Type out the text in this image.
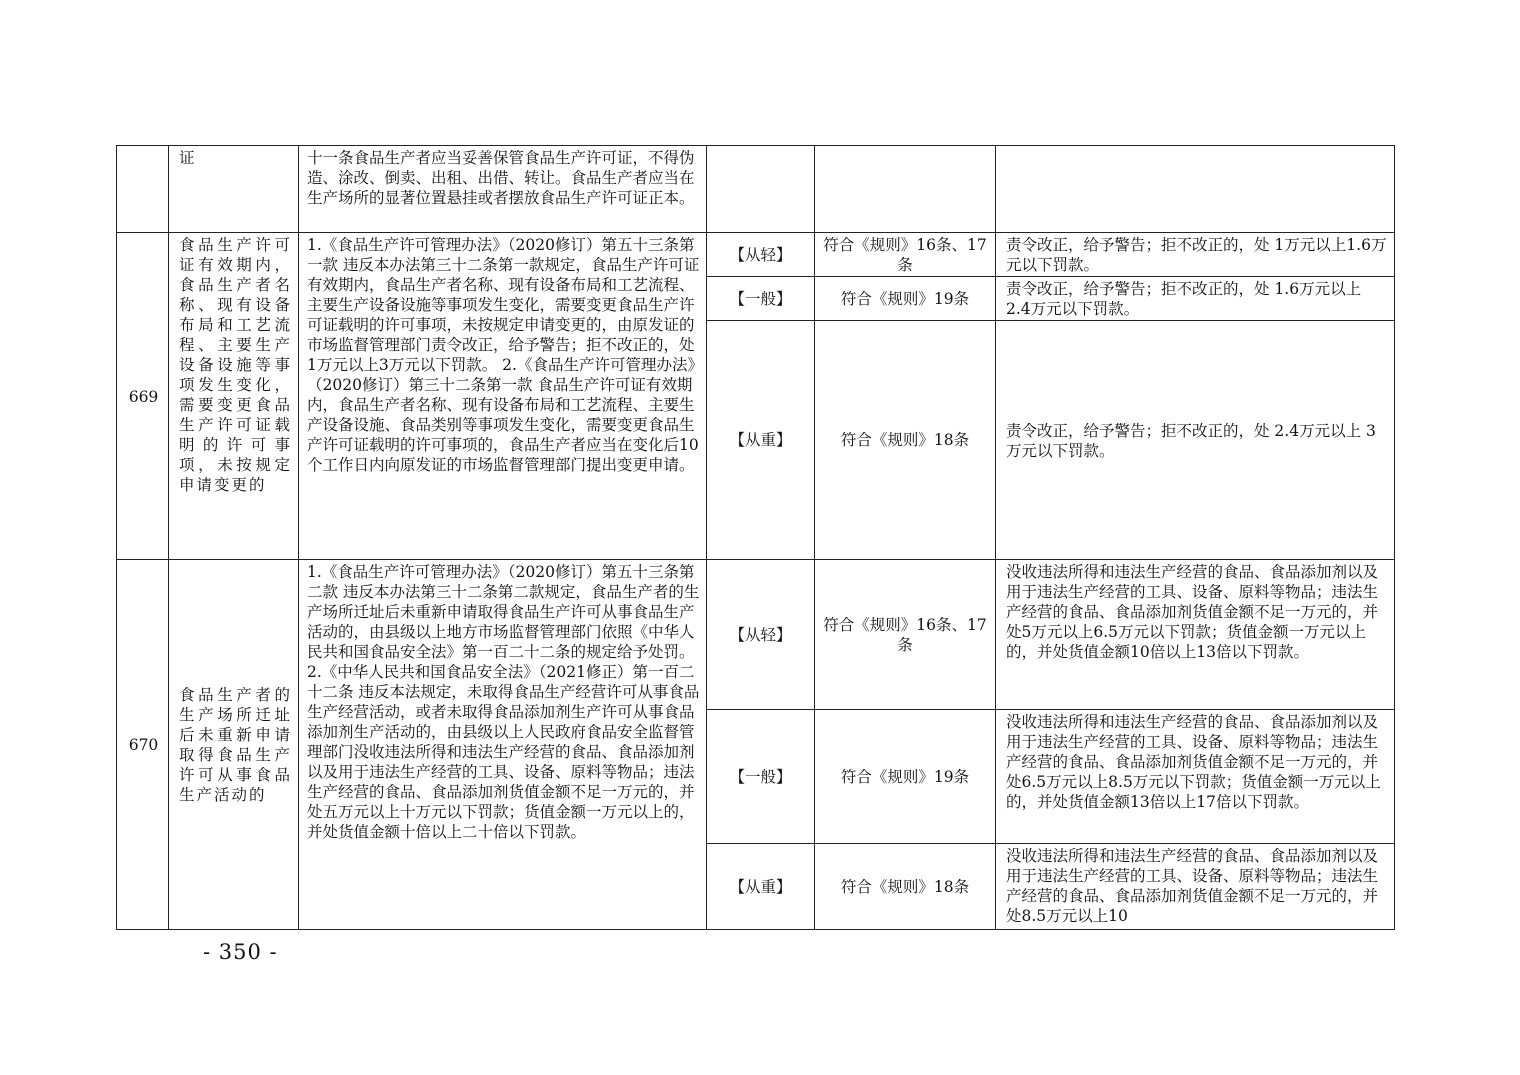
	证	十一条食品生产者应当妥善保管食品生产许可证，不得伪造、涂改、倒卖、出租、出借、转让。食品生产者应当在生产场所的显著位置悬挂或者摆放食品生产许可证正本。			
669	食品生产许可证有效期内，食品生产者名称、现有设备布局和工艺流程、主要生产设备设施等事项发生变化，需要变更食品生产许可证载明的许可事项，未按规定申请变更的	1.《食品生产许可管理办法》（2020修订）第五十三条第一款 违反本办法第三十二条第一款规定，食品生产许可证有效期内，食品生产者名称、现有设备布局和工艺流程、主要生产设备设施等事项发生变化，需要变更食品生产许可证载明的许可事项，未按规定申请变更的，由原发证的市场监督管理部门责令改正，给予警告；拒不改正的，处1万元以上3万元以下罚款。 2.《食品生产许可管理办法》（2020修订）第三十二条第一款 食品生产许可证有效期内，食品生产者名称、现有设备布局和工艺流程、主要生产设备设施、食品类别等事项发生变化，需要变更食品生产许可证载明的许可事项的，食品生产者应当在变化后10个工作日内向原发证的市场监督管理部门提出变更申请。	【从轻】	符合《规则》16条、17条	责令改正，给予警告；拒不改正的，处 1万元以上1.6万元以下罚款。
			【一般】	符合《规则》19条	责令改正，给予警告；拒不改正的，处 1.6万元以上 2.4万元以下罚款。
			【从重】	符合《规则》18条	责令改正，给予警告；拒不改正的，处 2.4万元以上 3 万元以下罚款。
670	食品生产者的生产场所迁址后未重新申请取得食品生产许可从事食品生产活动的	1.《食品生产许可管理办法》（2020修订）第五十三条第二款 违反本办法第三十二条第二款规定，食品生产者的生产场所迁址后未重新申请取得食品生产许可从事食品生产活动的，由县级以上地方市场监督管理部门依照《中华人民共和国食品安全法》第一百二十二条的规定给予处罚。 2.《中华人民共和国食品安全法》（2021修正）第一百二十二条 违反本法规定，未取得食品生产经营许可从事食品生产经营活动，或者未取得食品添加剂生产许可从事食品添加剂生产活动的，由县级以上人民政府食品安全监督管理部门没收违法所得和违法生产经营的食品、食品添加剂以及用于违法生产经营的工具、设备、原料等物品；违法生产经营的食品、食品添加剂货值金额不足一万元的，并处五万元以上十万元以下罚款；货值金额一万元以上的，并处货值金额十倍以上二十倍以下罚款。	【从轻】	符合《规则》16条、17条	没收违法所得和违法生产经营的食品、食品添加剂以及用于违法生产经营的工具、设备、原料等物品；违法生产经营的食品、食品添加剂货值金额不足一万元的，并处5万元以上6.5万元以下罚款；货值金额一万元以上的，并处货值金额10倍以上13倍以下罚款。
			【一般】	符合《规则》19条	没收违法所得和违法生产经营的食品、食品添加剂以及用于违法生产经营的工具、设备、原料等物品；违法生产经营的食品、食品添加剂货值金额不足一万元的，并处6.5万元以上8.5万元以下罚款；货值金额一万元以上的，并处货值金额13倍以上17倍以下罚款。
			【从重】	符合《规则》18条	没收违法所得和违法生产经营的食品、食品添加剂以及用于违法生产经营的工具、设备、原料等物品；违法生产经营的食品、食品添加剂货值金额不足一万元的，并处8.5万元以上10
- 350 -
